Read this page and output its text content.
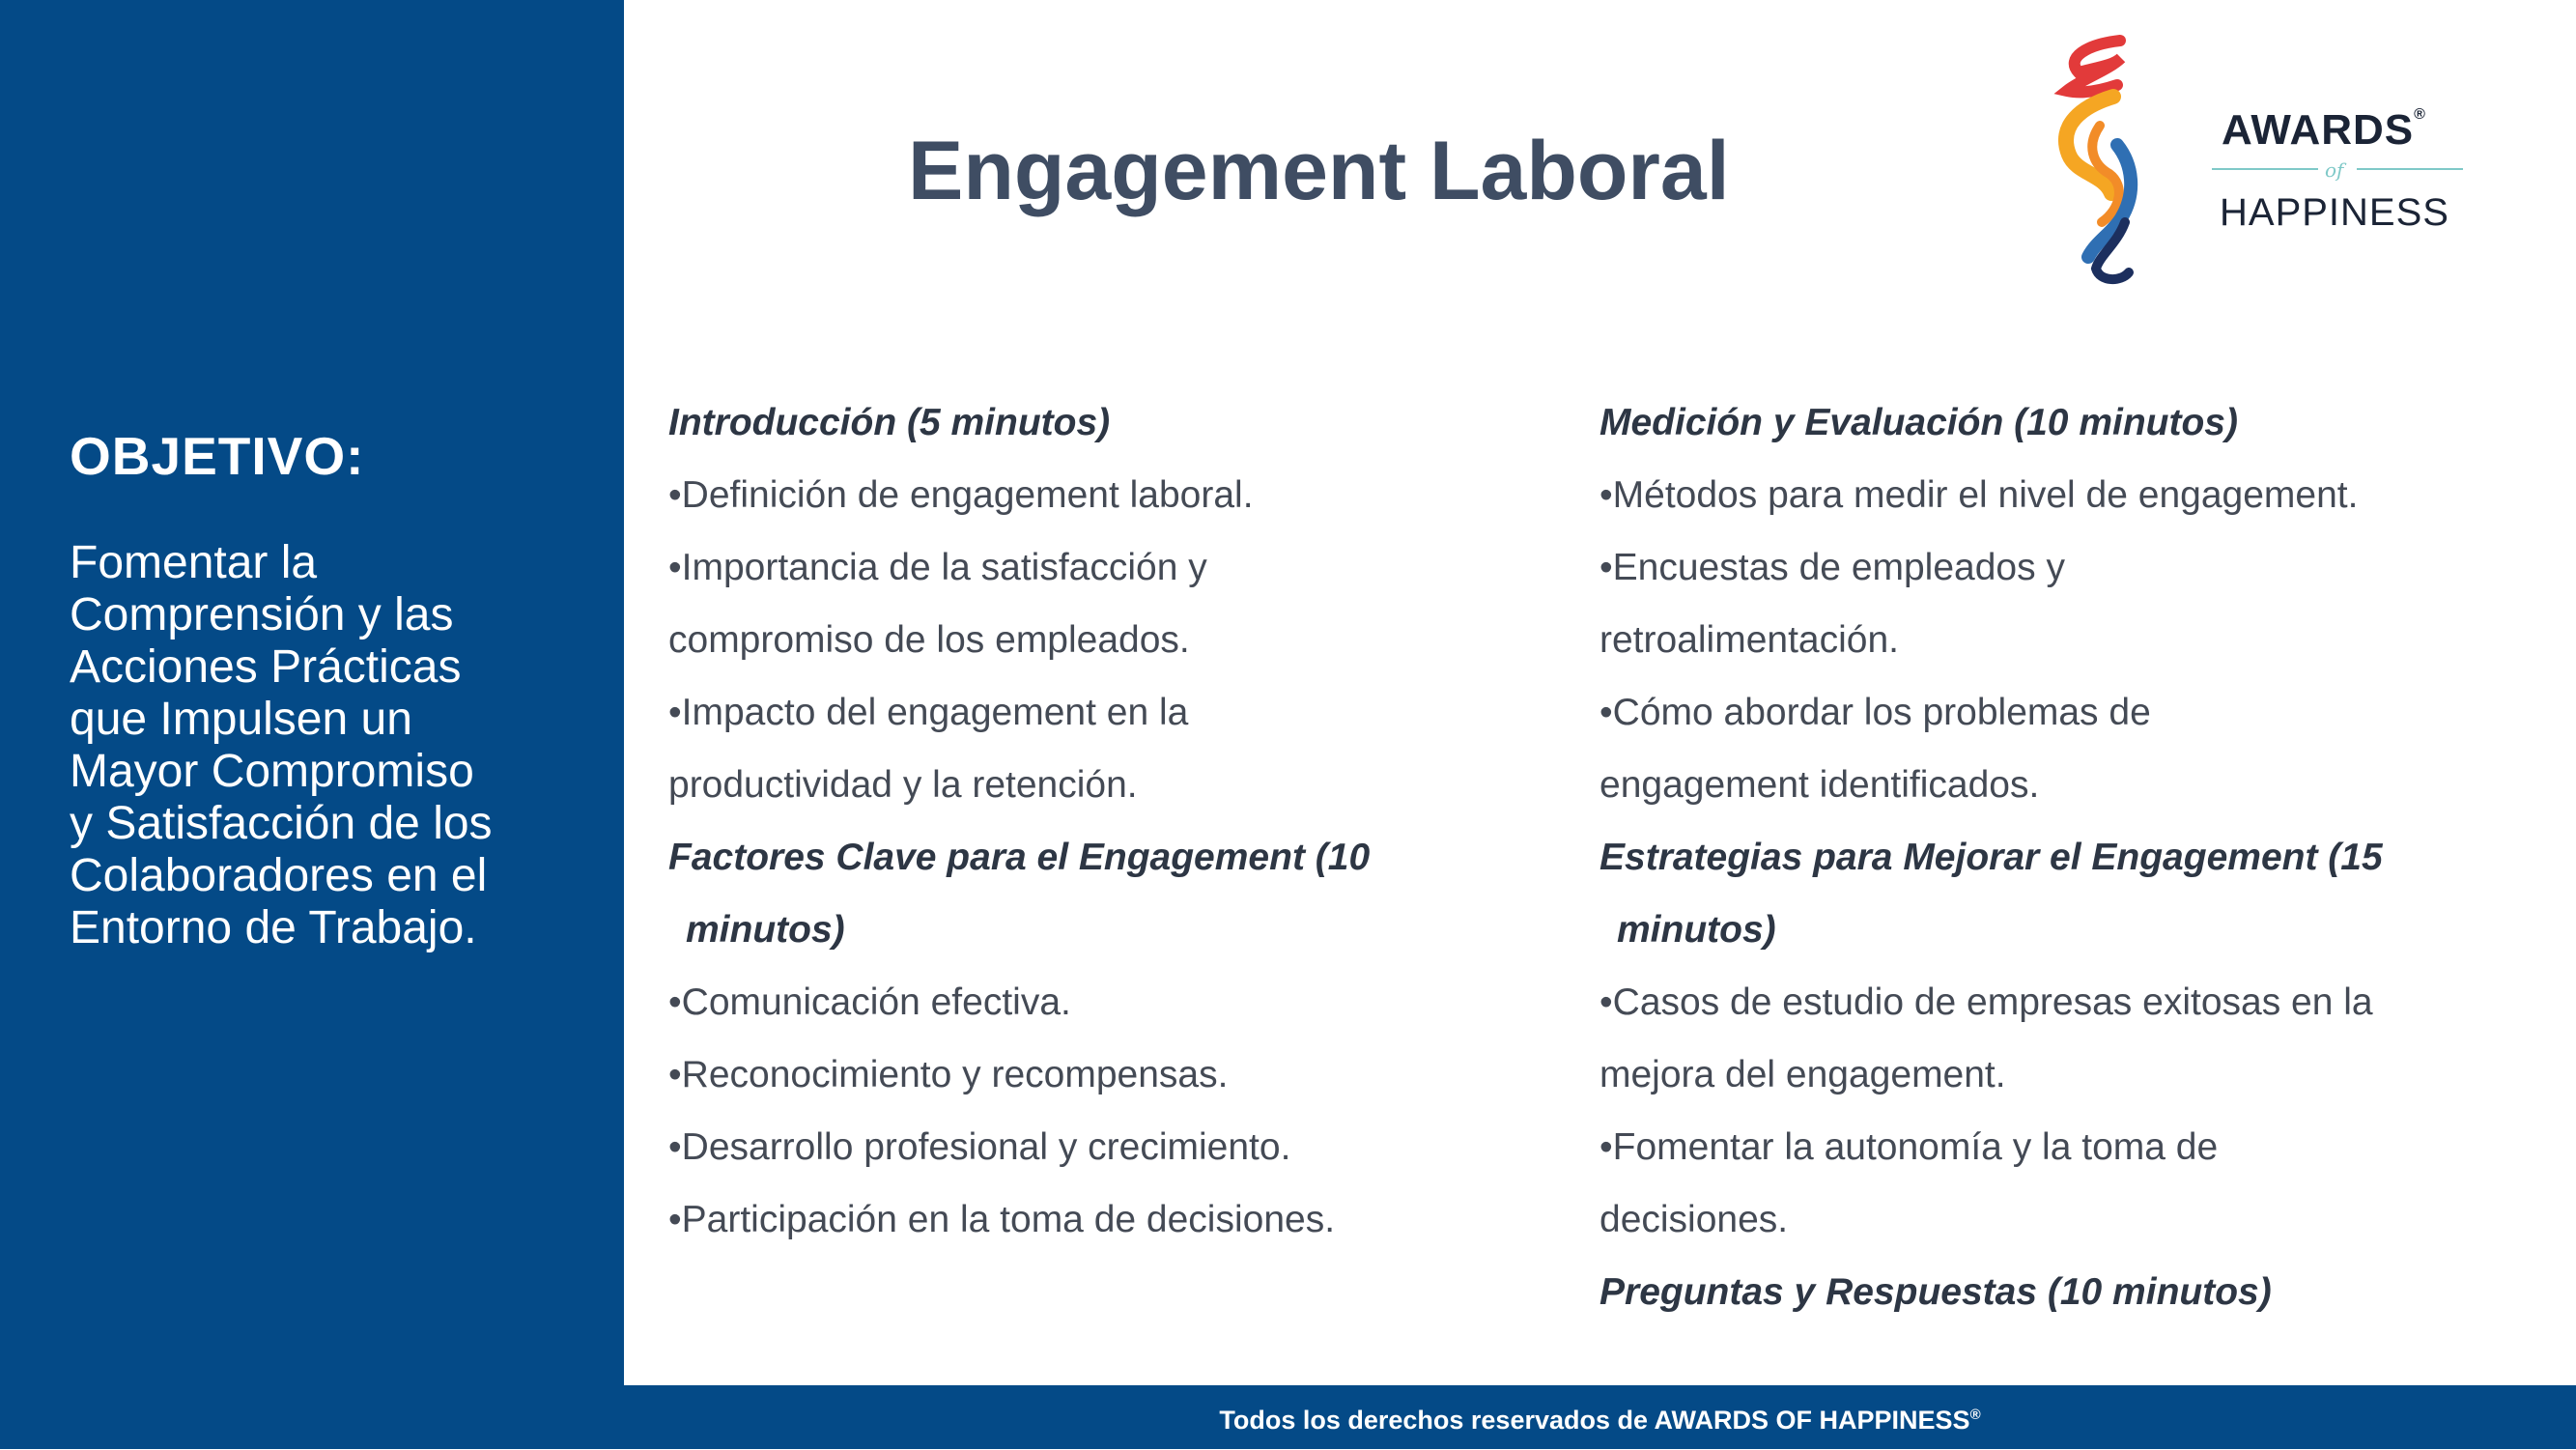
OBJETIVO:

Fomentar la
Comprensión y las
Acciones Prácticas
que Impulsen un
Mayor Compromiso
y Satisfacción de los
Colaboradores en el
Entorno de Trabajo.

Engagement Laboral	AWARDS®
of
HAPPINESS
Introducción (5 minutos)
•Definición de engagement laboral.
•Importancia de la satisfacción y
compromiso de los empleados.
•Impacto del engagement en la
productividad y la retención.
Factores Clave para el Engagement (10
minutos)
•Comunicación efectiva.
•Reconocimiento y recompensas.
•Desarrollo profesional y crecimiento.
•Participación en la toma de decisiones.
Medición y Evaluación (10 minutos)
•Métodos para medir el nivel de engagement.
•Encuestas de empleados y
retroalimentación.
•Cómo abordar los problemas de
engagement identificados.
Estrategias para Mejorar el Engagement (15
minutos)
•Casos de estudio de empresas exitosas en la
mejora del engagement.
•Fomentar la autonomía y la toma de
decisiones.
Preguntas y Respuestas (10 minutos)
Todos los derechos reservados de AWARDS OF HAPPINESS®
